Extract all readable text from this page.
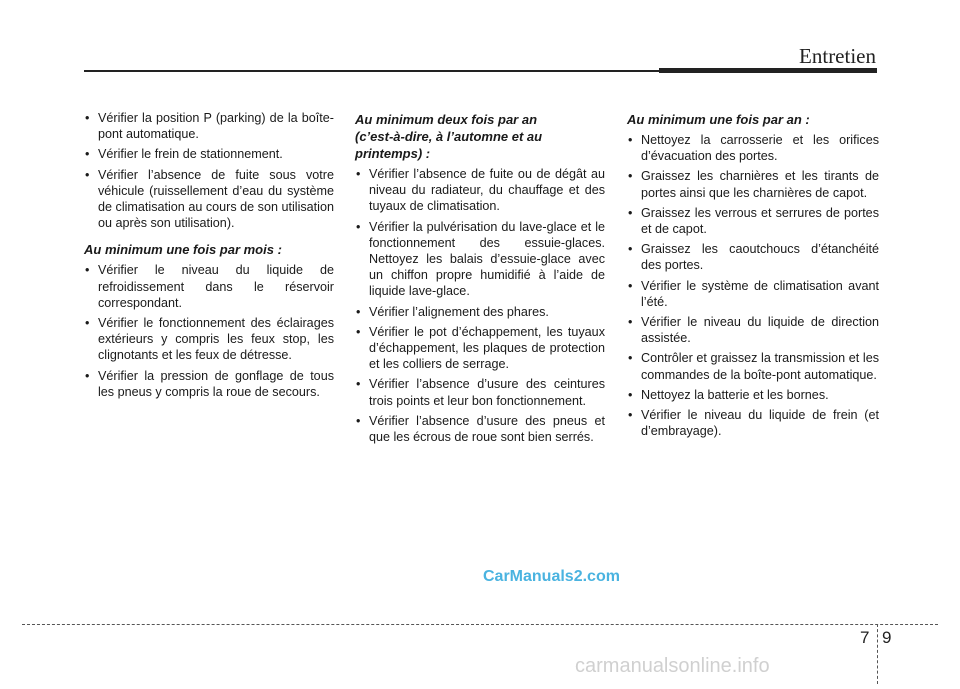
Entretien
• Vérifier la position P (parking) de la boîte-pont automatique.
• Vérifier le frein de stationnement.
• Vérifier l’absence de fuite sous votre véhicule (ruissellement d’eau du système de climatisation au cours de son utilisation ou après son utilisation).
Au minimum une fois par mois :
• Vérifier le niveau du liquide de refroidissement dans le réservoir correspondant.
• Vérifier le fonctionnement des éclairages extérieurs y compris les feux stop, les clignotants et les feux de détresse.
• Vérifier la pression de gonflage de tous les pneus y compris la roue de secours.
Au minimum deux fois par an
(c’est-à-dire, à l’automne et au printemps) :
• Vérifier l’absence de fuite ou de dégât au niveau du radiateur, du chauffage et des tuyaux de climatisation.
• Vérifier la pulvérisation du lave-glace et le fonctionnement des essuie-glaces. Nettoyez les balais d’essuie-glace avec un chiffon propre humidifié à l’aide de liquide lave-glace.
• Vérifier l’alignement des phares.
• Vérifier le pot d’échappement, les tuyaux d’échappement, les plaques de protection et les colliers de serrage.
• Vérifier l’absence d’usure des ceintures trois points et leur bon fonctionnement.
• Vérifier l’absence d’usure des pneus et que les écrous de roue sont bien serrés.
Au minimum une fois par an :
• Nettoyez la carrosserie et les orifices d’évacuation des portes.
• Graissez les charnières et les tirants de portes ainsi que les charnières de capot.
• Graissez les verrous et serrures de portes et de capot.
• Graissez les caoutchoucs d’étanchéité des portes.
• Vérifier le système de climatisation avant l’été.
• Vérifier le niveau du liquide de direction assistée.
• Contrôler et graissez la transmission et les commandes de la boîte-pont automatique.
• Nettoyez la batterie et les bornes.
• Vérifier le niveau du liquide de frein (et d’embrayage).
CarManuals2.com
7 9
carmanualsonline.info
